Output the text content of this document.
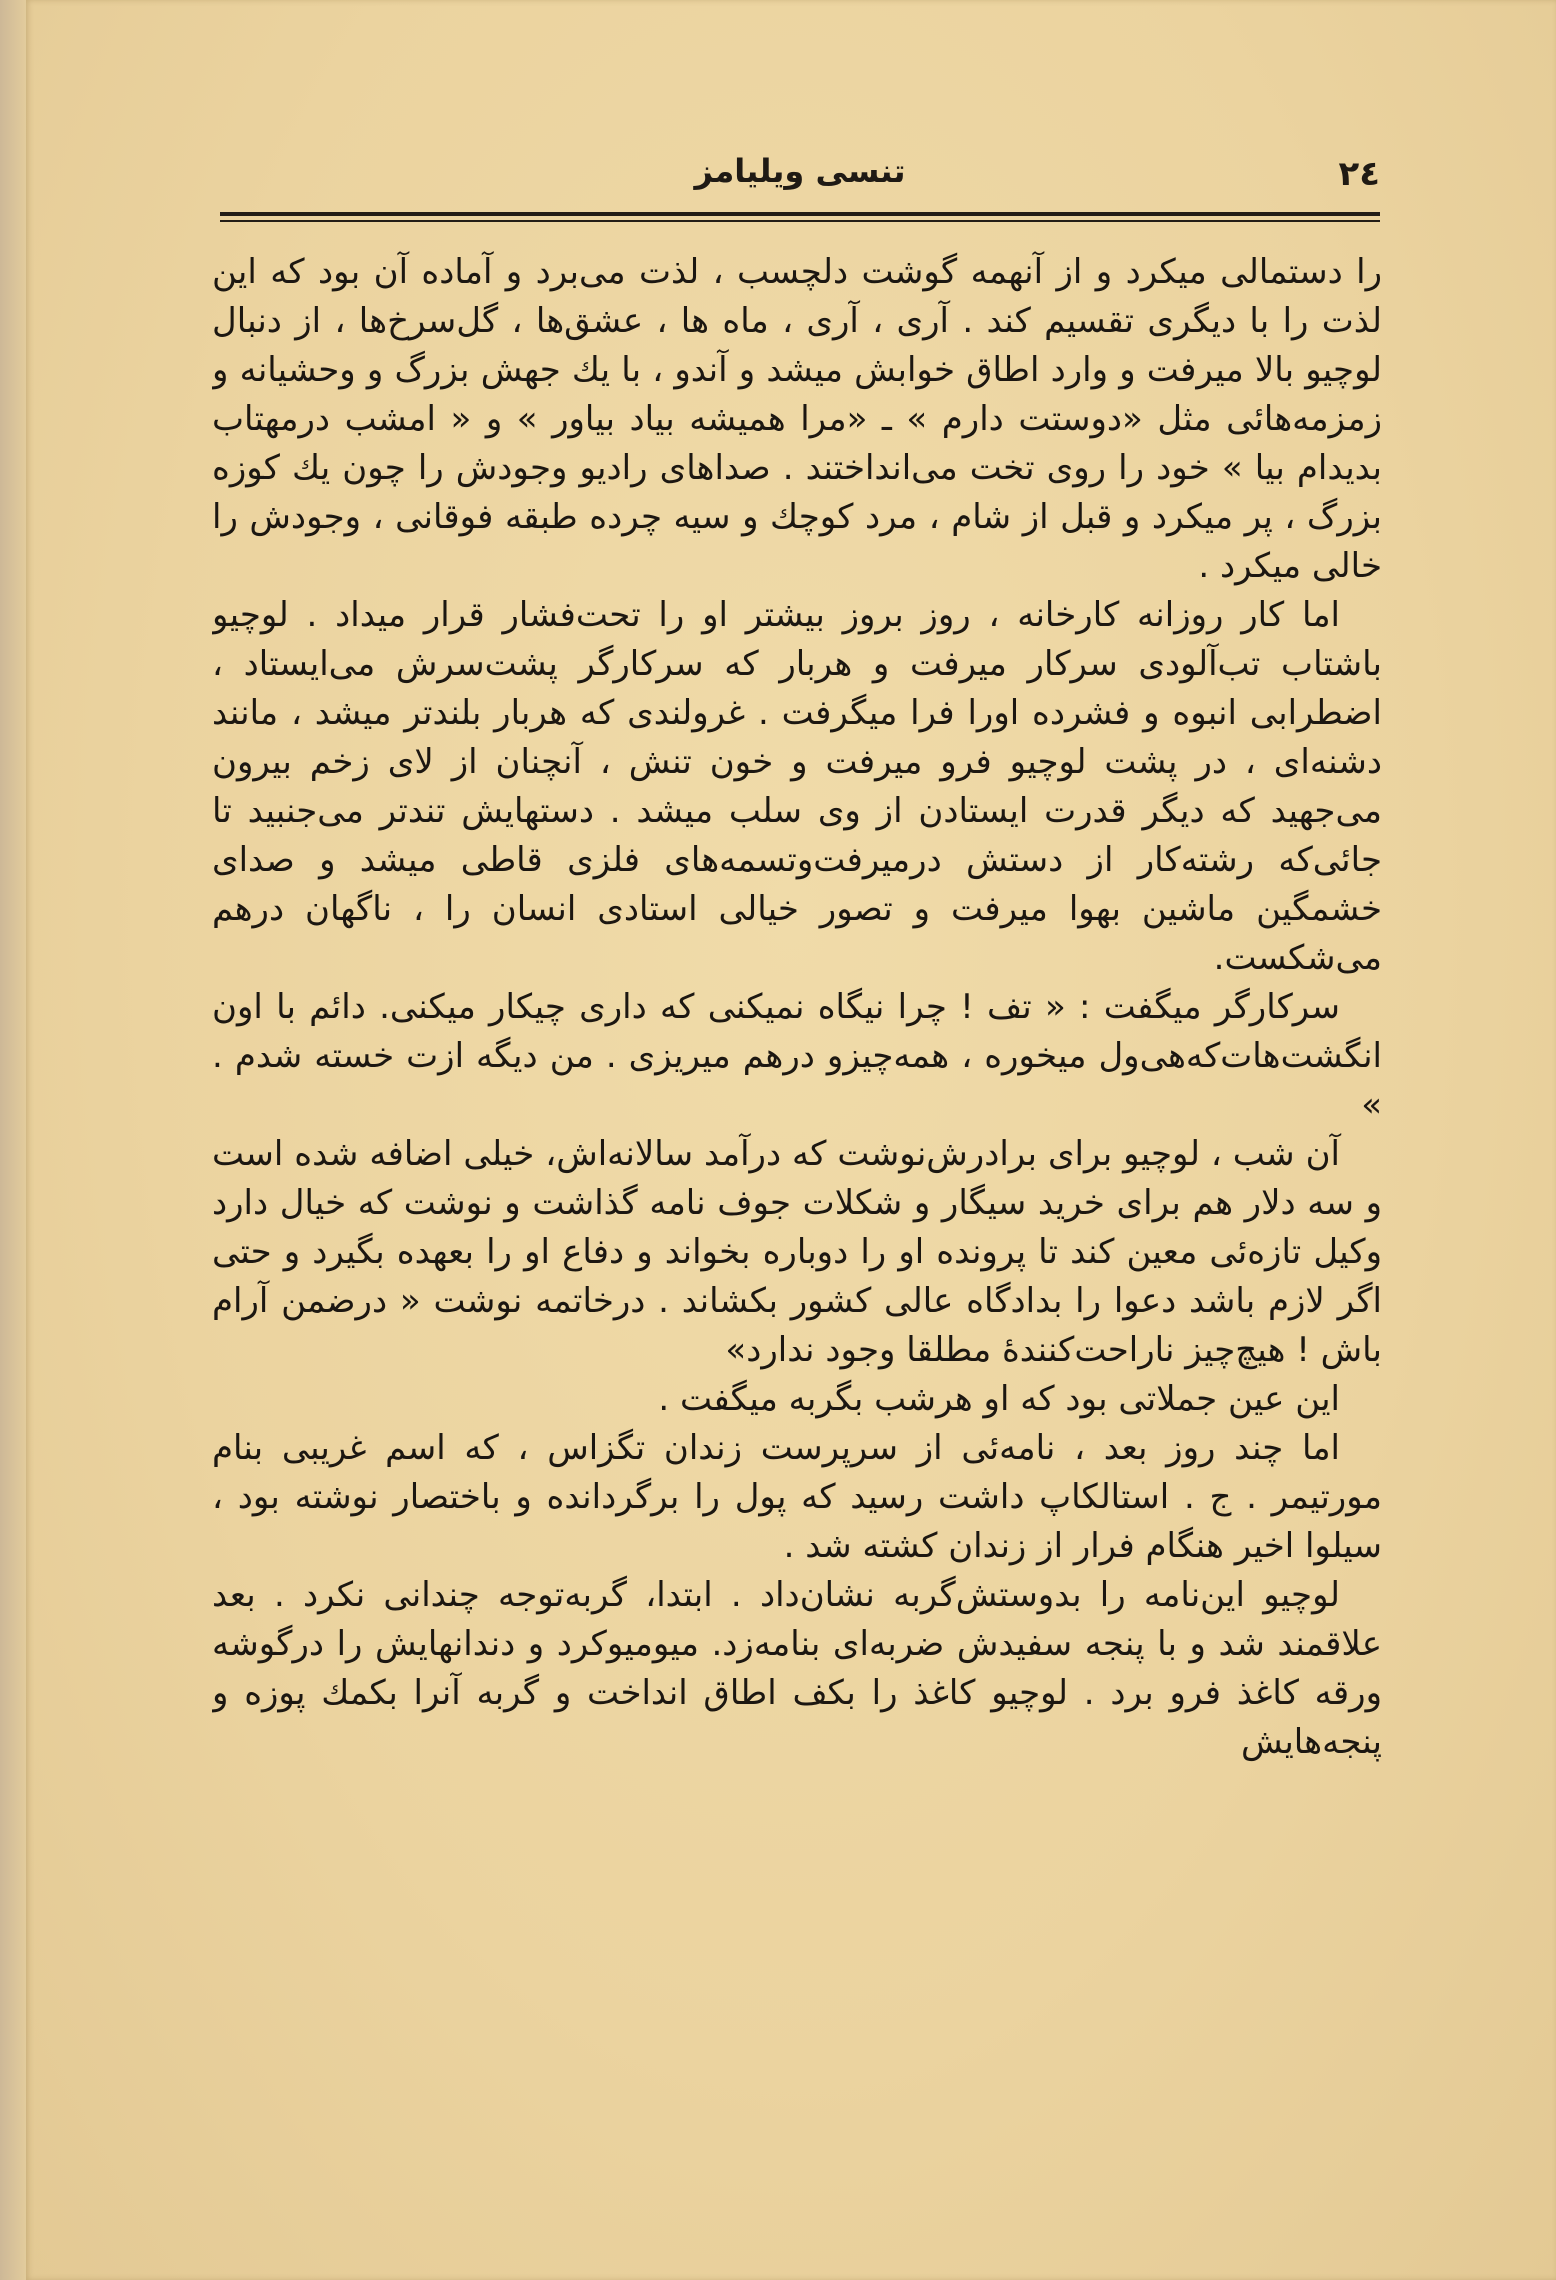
۲٤
تنسی ویلیامز

را دستمالی میکرد و از آنهمه گوشت دلچسب ، لذت می‌برد و آماده آن بود که این لذت را با دیگری تقسیم کند . آری ، آری ، ماه ها ، عشق‌ها ، گل‌سرخ‌ها ، از دنبال لوچیو بالا میرفت و وارد اطاق خوابش میشد و آندو ، با یك جهش بزرگ و وحشیانه و زمزمه‌هائی مثل «دوستت دارم » ـ «مرا همیشه بیاد بیاور » و « امشب درمهتاب بدیدام بیا » خود را روی تخت می‌انداختند . صداهای رادیو وجودش را چون یك کوزه بزرگ ، پر میکرد و قبل از شام ، مرد کوچك و سیه چرده طبقه فوقانی ، وجودش را خالی میکرد .

اما کار روزانه کارخانه ، روز بروز بیشتر او را تحت‌فشار قرار میداد . لوچیو باشتاب تب‌آلودی سرکار میرفت و هربار که سرکارگر پشت‌سرش می‌ایستاد ، اضطرابی انبوه و فشرده اورا فرا میگرفت . غرولندی که هربار بلندتر میشد ، مانند دشنه‌ای ، در پشت لوچیو فرو میرفت و خون تنش ، آنچنان از لای زخم بیرون می‌جهید که دیگر قدرت ایستادن از وی سلب میشد . دستهایش تندتر می‌جنبید تا جائی‌که رشته‌کار از دستش درمیرفت‌وتسمه‌های فلزی قاطی میشد و صدای خشمگین ماشین بهوا میرفت و تصور خیالی استادی انسان را ، ناگهان درهم می‌شکست.

سرکارگر میگفت : « تف ! چرا نیگاه نمیکنی که داری چیکار میکنی. دائم با اون انگشت‌هات‌که‌هی‌ول میخوره ، همه‌چیزو درهم میریزی . من دیگه ازت خسته شدم . »

آن شب ، لوچیو برای برادرش‌نوشت که درآمد سالانه‌اش، خیلی اضافه شده است و سه دلار هم برای خرید سیگار و شکلات جوف نامه گذاشت و نوشت که خیال دارد وکیل تازه‌ئی معین کند تا پرونده او را دوباره بخواند و دفاع او را بعهده بگیرد و حتی اگر لازم باشد دعوا را بدادگاه عالی کشور بکشاند . درخاتمه نوشت « درضمن آرام باش ! هیچ‌چیز ناراحت‌کنندهٔ مطلقا وجود ندارد»

این عین جملاتی بود که او هرشب بگربه میگفت .

اما چند روز بعد ، نامه‌ئی از سرپرست زندان تگزاس ، که اسم غریبی بنام مورتیمر . ج . استالکاپ داشت رسید که پول را برگردانده و باختصار نوشته بود ، سیلوا اخیر هنگام فرار از زندان کشته شد .

لوچیو این‌نامه را بدوستش‌گربه نشان‌داد . ابتدا، گربه‌توجه چندانی نکرد . بعد علاقمند شد و با پنجه سفیدش ضربه‌ای بنامه‌زد. میومیوکرد و دندانهایش را درگوشه ورقه کاغذ فرو برد . لوچیو کاغذ را بکف اطاق انداخت و گربه آنرا بکمك پوزه و پنجه‌هایش
